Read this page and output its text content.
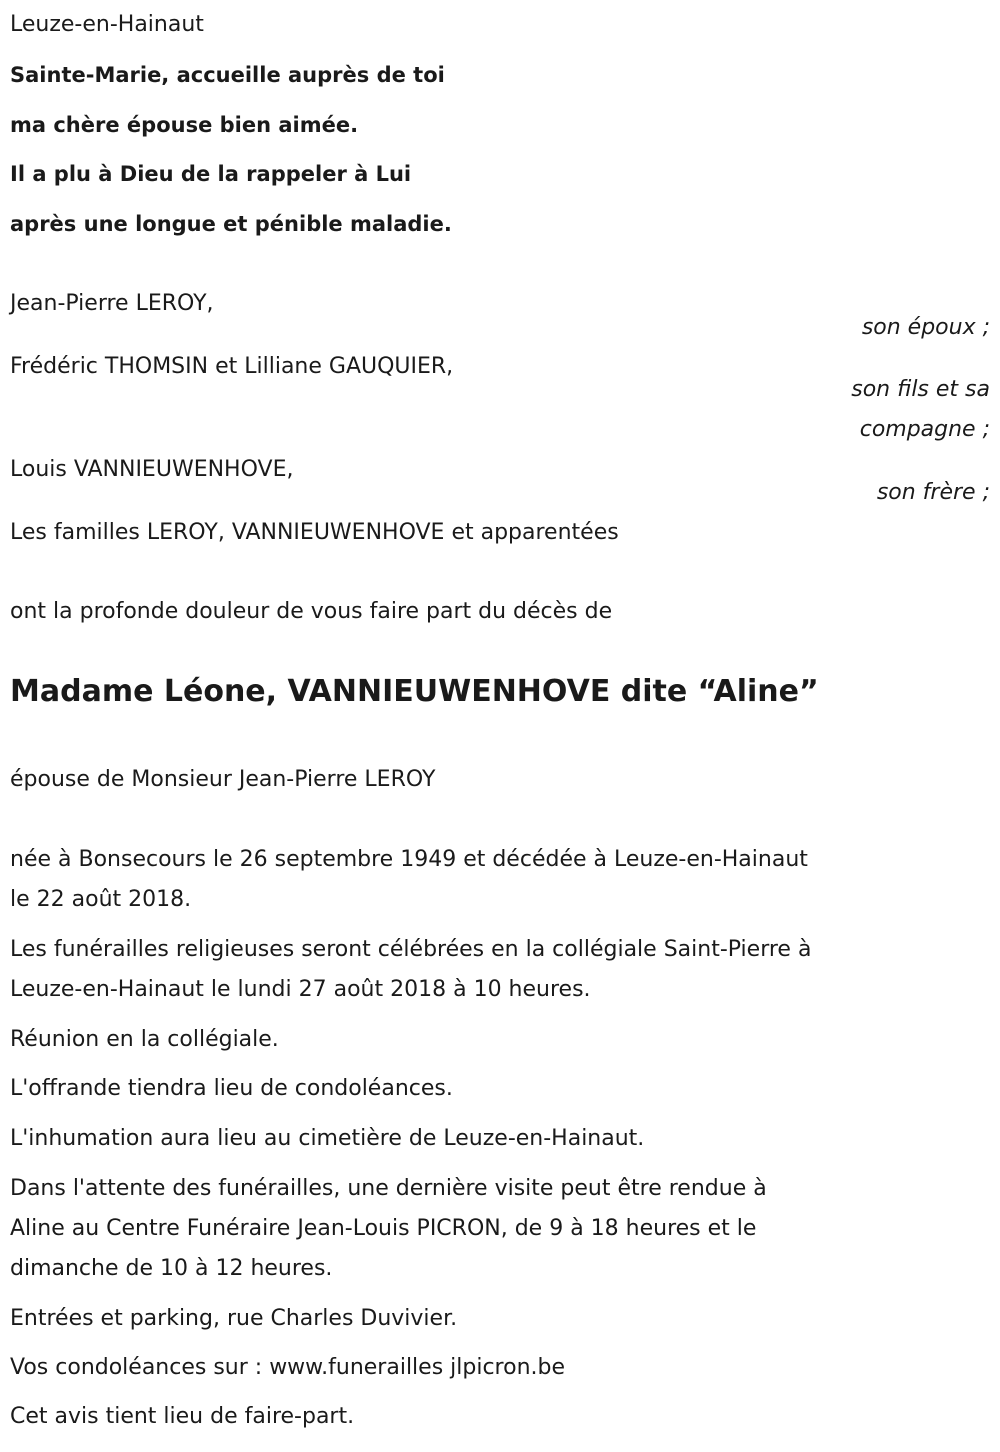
Leuze-en-Hainaut
Sainte-Marie, accueille auprès de toi
ma chère épouse bien aimée.
Il a plu à Dieu de la rappeler à Lui
après une longue et pénible maladie.
Jean-Pierre LEROY,
son époux ;
Frédéric THOMSIN et Lilliane GAUQUIER,
son fils et sa
compagne ;
Louis VANNIEUWENHOVE,
son frère ;
Les familles LEROY, VANNIEUWENHOVE et apparentées
ont la profonde douleur de vous faire part du décès de
Madame Léone, VANNIEUWENHOVE dite “Aline”
épouse de Monsieur Jean-Pierre LEROY
née à Bonsecours le 26 septembre 1949 et décédée à Leuze-en-Hainaut
le 22 août 2018.
Les funérailles religieuses seront célébrées en la collégiale Saint-Pierre à
Leuze-en-Hainaut le lundi 27 août 2018 à 10 heures.
Réunion en la collégiale.
L'offrande tiendra lieu de condoléances.
L'inhumation aura lieu au cimetière de Leuze-en-Hainaut.
Dans l'attente des funérailles, une dernière visite peut être rendue à
Aline au Centre Funéraire Jean-Louis PICRON, de 9 à 18 heures et le
dimanche de 10 à 12 heures.
Entrées et parking, rue Charles Duvivier.
Vos condoléances sur : www.funerailles jlpicron.be
Cet avis tient lieu de faire-part.
